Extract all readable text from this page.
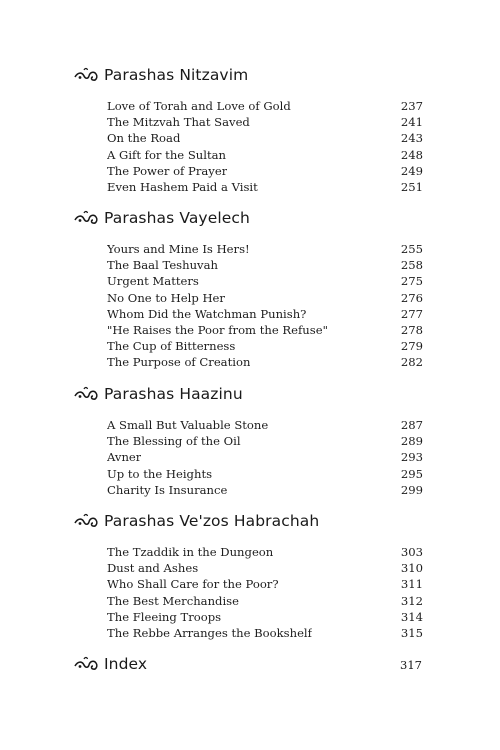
Parashas Nitzavim
Love of Torah and Love of Gold	237
The Mitzvah That Saved	241
On the Road	243
A Gift for the Sultan	248
The Power of Prayer	249
Even Hashem Paid a Visit	251
Parashas Vayelech
Yours and Mine Is Hers!	255
The Baal Teshuvah	258
Urgent Matters	275
No One to Help Her	276
Whom Did the Watchman Punish?	277
"He Raises the Poor from the Refuse"	278
The Cup of Bitterness	279
The Purpose of Creation	282
Parashas Haazinu
A Small But Valuable Stone	287
The Blessing of the Oil	289
Avner	293
Up to the Heights	295
Charity Is Insurance	299
Parashas Ve'zos Habrachah
The Tzaddik in the Dungeon	303
Dust and Ashes	310
Who Shall Care for the Poor?	311
The Best Merchandise	312
The Fleeing Troops	314
The Rebbe Arranges the Bookshelf	315
Index	317
